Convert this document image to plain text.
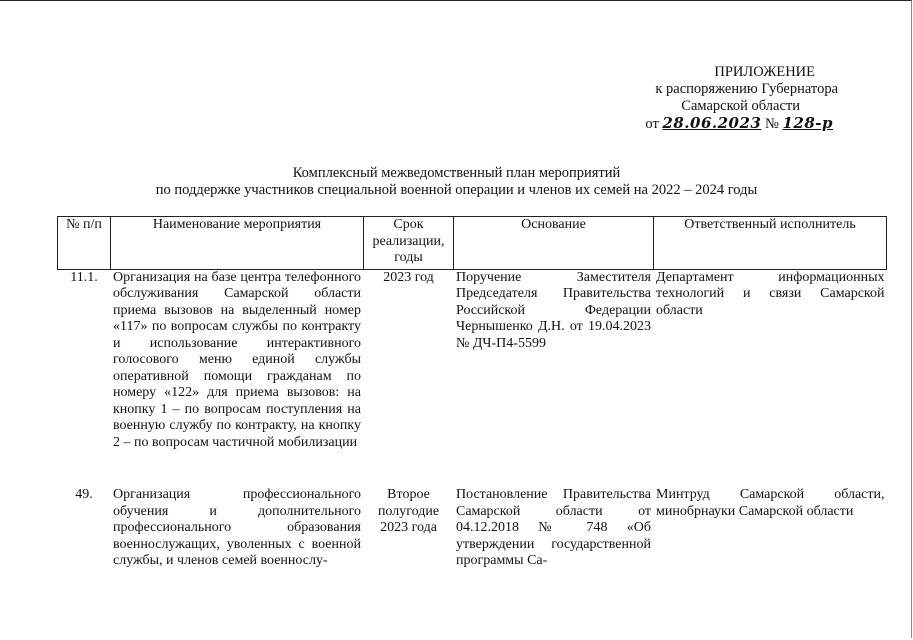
ПРИЛОЖЕНИЕ
к распоряжению Губернатора
Самарской области
от 28.06.2023 № 128-р
Комплексный межведомственный план мероприятий
по поддержке участников специальной военной операции и членов их семей на 2022 – 2024 годы
№ п/п	Наименование мероприятия	Срок реализации, годы	Основание	Ответственный исполнитель
11.1.	Организация на базе центра телефонного обслуживания Самарской области приема вызовов на выделенный номер «117» по вопросам службы по контракту и использование интерактивного голосового меню единой службы оперативной помощи гражданам по номеру «122» для приема вызовов: на кнопку 1 – по вопросам поступления на военную службу по контракту, на кнопку 2 – по вопросам частичной мобилизации	2023 год	Поручение Заместителя Председателя Правительства Российской Федерации Чернышенко Д.Н. от 19.04.2023 № ДЧ-П4-5599	Департамент информационных технологий и связи Самарской области

49.	Организация профессионального обучения и дополнительного профессионального образования военнослужащих, уволенных с военной службы, и членов семей военнослу-	Второе полугодие 2023 года	Постановление Правительства Самарской области от 04.12.2018 № 748 «Об утверждении государственной программы Са-	Минтруд Самарской области, минобрнауки Самарской области
